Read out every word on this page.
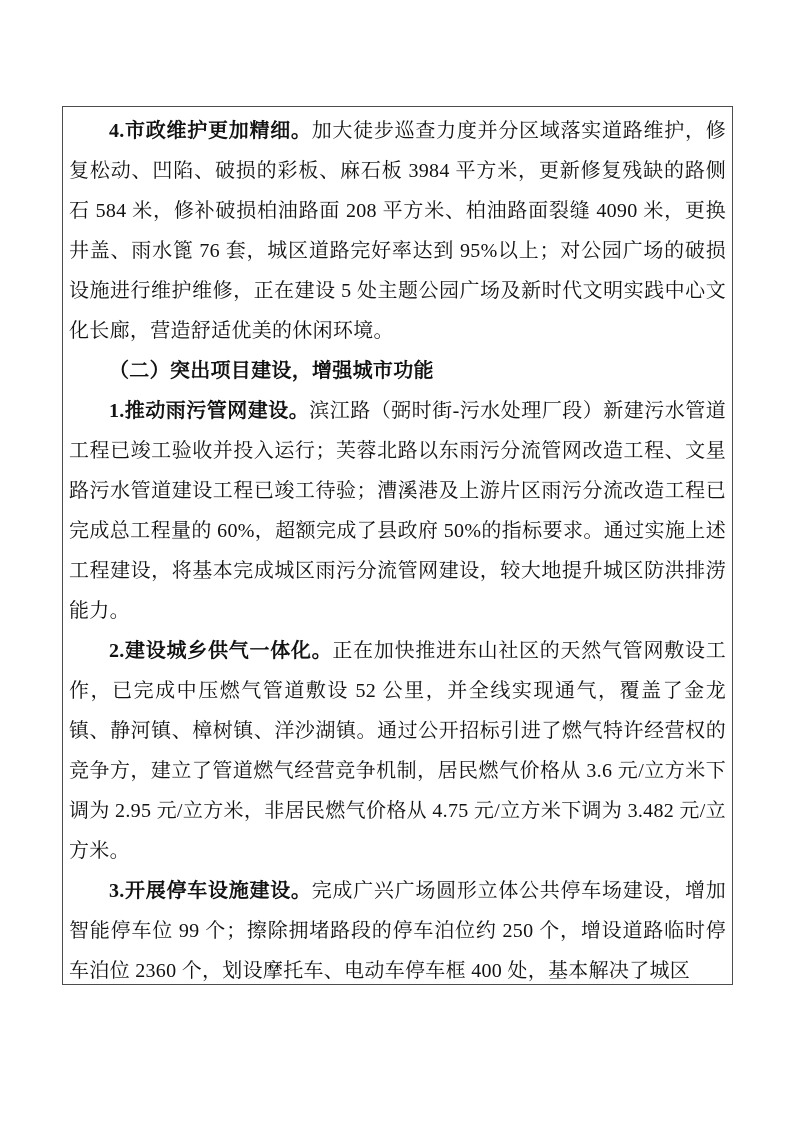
4.市政维护更加精细。加大徒步巡查力度并分区域落实道路维护，修复松动、凹陷、破损的彩板、麻石板 3984 平方米，更新修复残缺的路侧石 584 米，修补破损柏油路面 208 平方米、柏油路面裂缝 4090 米，更换井盖、雨水篦 76 套，城区道路完好率达到 95%以上；对公园广场的破损设施进行维护维修，正在建设 5 处主题公园广场及新时代文明实践中心文化长廊，营造舒适优美的休闲环境。

（二）突出项目建设，增强城市功能

1.推动雨污管网建设。滨江路（弼时街-污水处理厂段）新建污水管道工程已竣工验收并投入运行；芙蓉北路以东雨污分流管网改造工程、文星路污水管道建设工程已竣工待验；漕溪港及上游片区雨污分流改造工程已完成总工程量的 60%，超额完成了县政府 50%的指标要求。通过实施上述工程建设，将基本完成城区雨污分流管网建设，较大地提升城区防洪排涝能力。

2.建设城乡供气一体化。正在加快推进东山社区的天然气管网敷设工作，已完成中压燃气管道敷设 52 公里，并全线实现通气，覆盖了金龙镇、静河镇、樟树镇、洋沙湖镇。通过公开招标引进了燃气特许经营权的竞争方，建立了管道燃气经营竞争机制，居民燃气价格从 3.6 元/立方米下调为 2.95 元/立方米，非居民燃气价格从 4.75 元/立方米下调为 3.482 元/立方米。

3.开展停车设施建设。完成广兴广场圆形立体公共停车场建设，增加智能停车位 99 个；擦除拥堵路段的停车泊位约 250 个，增设道路临时停车泊位 2360 个，划设摩托车、电动车停车框 400 处，基本解决了城区
